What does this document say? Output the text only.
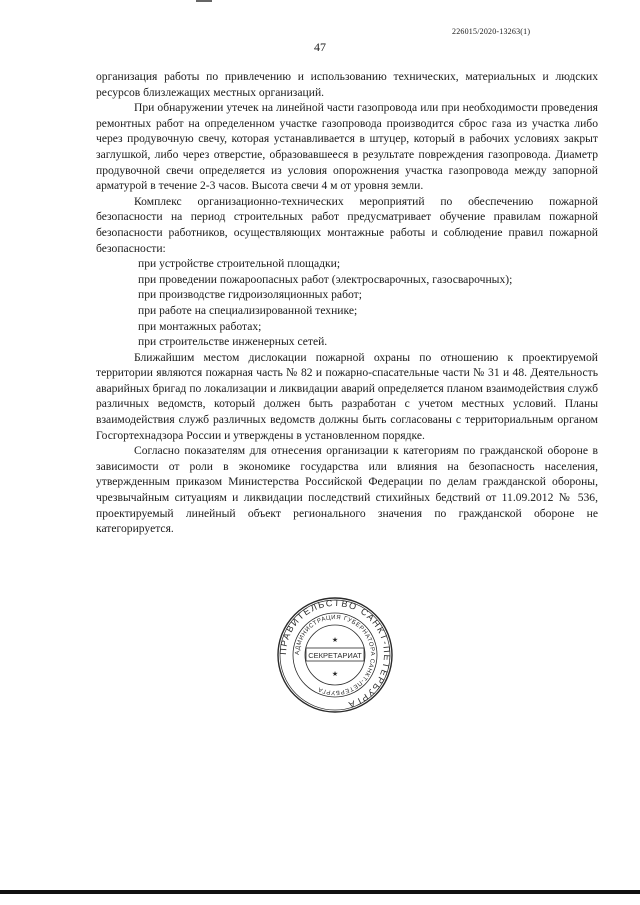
226015/2020-13263(1)
47

организация работы по привлечению и использованию технических, материальных и людских ресурсов близлежащих местных организаций.

При обнаружении утечек на линейной части газопровода или при необходимости проведения ремонтных работ на определенном участке газопровода производится сброс газа из участка либо через продувочную свечу, которая устанавливается в штуцер, который в рабочих условиях закрыт заглушкой, либо через отверстие, образовавшееся в результате повреждения газопровода. Диаметр продувочной свечи определяется из условия опорожнения участка газопровода между запорной арматурой в течение 2-3 часов. Высота свечи 4 м от уровня земли.

Комплекс организационно-технических мероприятий по обеспечению пожарной безопасности на период строительных работ предусматривает обучение правилам пожарной безопасности работников, осуществляющих монтажные работы и соблюдение правил пожарной безопасности:

при устройстве строительной площадки;

при проведении пожароопасных работ (электросварочных, газосварочных);

при производстве гидроизоляционных работ;

при работе на специализированной технике;

при монтажных работах;

при строительстве инженерных сетей.

Ближайшим местом дислокации пожарной охраны по отношению к проектируемой территории являются пожарная часть № 82 и пожарно-спасательные части № 31 и 48. Деятельность аварийных бригад по локализации и ликвидации аварий определяется планом взаимодействия служб различных ведомств, который должен быть разработан с учетом местных условий. Планы взаимодействия служб различных ведомств должны быть согласованы с территориальным органом Госгортехнадзора России и утверждены в установленном порядке.

Согласно показателям для отнесения организации к категориям по гражданской обороне в зависимости от роли в экономике государства или влияния на безопасность населения, утвержденным приказом Министерства Российской Федерации по делам гражданской обороны, чрезвычайным ситуациям и ликвидации последствий стихийных бедствий от 11.09.2012 № 536, проектируемый линейный объект регионального значения по гражданской обороне не категорируется.

ПРАВИТЕЛЬСТВО САНКТ-ПЕТЕРБУРГА
АДМИНИСТРАЦИЯ ГУБЕРНАТОРА САНКТ-ПЕТЕРБУРГА
СЕКРЕТАРИАТ
★
★
